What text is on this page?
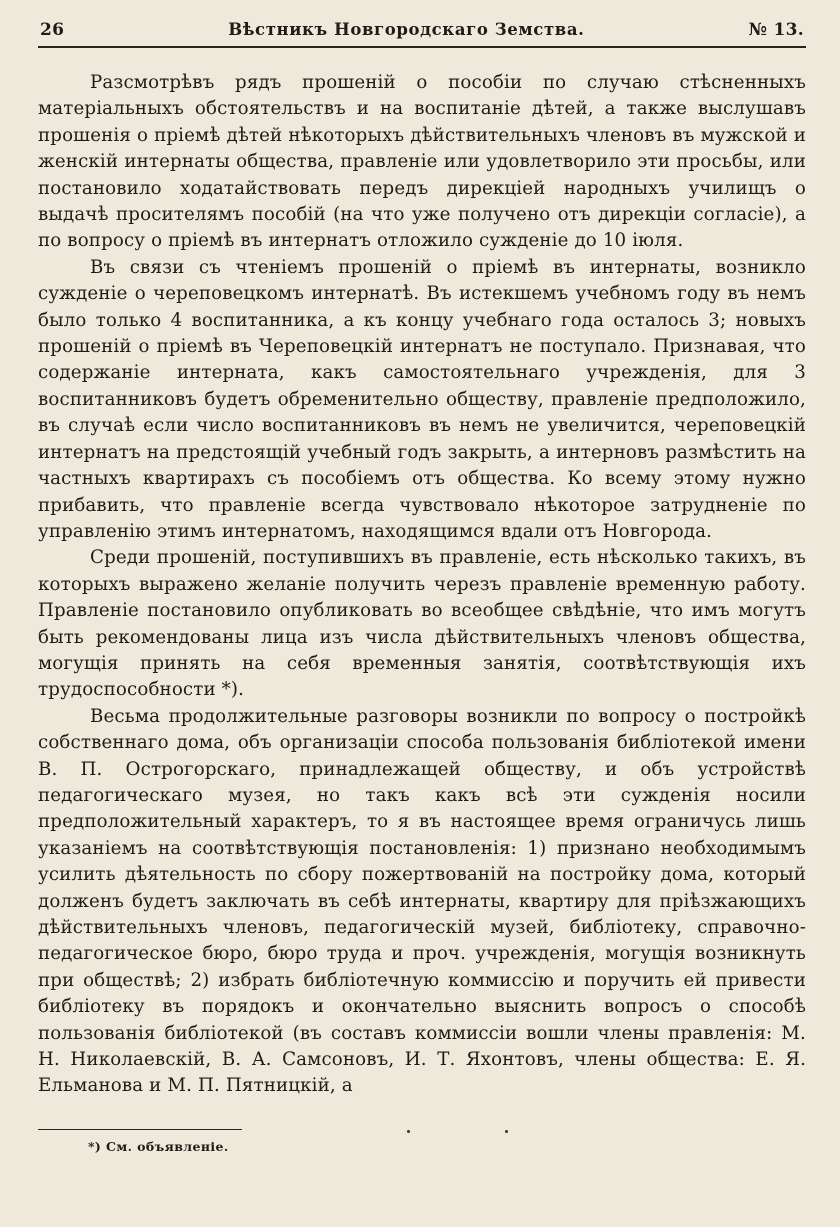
26	Вѣстникъ Новгородскаго Земства.	№ 13.

Разсмотрѣвъ рядъ прошеній о пособіи по случаю стѣсненныхъ матеріальныхъ обстоятельствъ и на воспитаніе дѣтей, а также выслушавъ прошенія о пріемѣ дѣтей нѣкоторыхъ дѣйствительныхъ членовъ въ мужской и женскій интернаты общества, правленіе или удовлетворило эти просьбы, или постановило ходатайствовать передъ дирекціей народныхъ училищъ о выдачѣ просителямъ пособій (на что уже получено отъ дирекціи согласіе), а по вопросу о пріемѣ въ интернатъ отложило сужденіе до 10 іюля.

Въ связи съ чтеніемъ прошеній о пріемѣ въ интернаты, возникло сужденіе о череповецкомъ интернатѣ. Въ истекшемъ учебномъ году въ немъ было только 4 воспитанника, а къ концу учебнаго года осталось 3; новыхъ прошеній о пріемѣ въ Череповецкій интернатъ не поступало. Признавая, что содержаніе интерната, какъ самостоятельнаго учрежденія, для 3 воспитанниковъ будетъ обременительно обществу, правленіе предположило, въ случаѣ если число воспитанниковъ въ немъ не увеличится, череповецкій интернатъ на предстоящій учебный годъ закрыть, а интерновъ размѣстить на частныхъ квартирахъ съ пособіемъ отъ общества. Ко всему этому нужно прибавить, что правленіе всегда чувствовало нѣкоторое затрудненіе по управленію этимъ интернатомъ, находящимся вдали отъ Новгорода.

Среди прошеній, поступившихъ въ правленіе, есть нѣсколько такихъ, въ которыхъ выражено желаніе получить черезъ правленіе временную работу. Правленіе постановило опубликовать во всеобщее свѣдѣніе, что имъ могутъ быть рекомендованы лица изъ числа дѣйствительныхъ членовъ общества, могущія принять на себя временныя занятія, соотвѣтствующія ихъ трудоспособности *).

Весьма продолжительные разговоры возникли по вопросу о постройкѣ собственнаго дома, объ организаціи способа пользованія библіотекой имени В. П. Острогорскаго, принадлежащей обществу, и объ устройствѣ педагогическаго музея, но такъ какъ всѣ эти сужденія носили предположительный характеръ, то я въ настоящее время ограничусь лишь указаніемъ на соотвѣтствующія постановленія: 1) признано необходимымъ усилить дѣятельность по сбору пожертвованій на постройку дома, который долженъ будетъ заключать въ себѣ интернаты, квартиру для пріѣзжающихъ дѣйствительныхъ членовъ, педагогическій музей, библіотеку, справочно-педагогическое бюро, бюро труда и проч. учрежденія, могущія возникнуть при обществѣ; 2) избрать библіотечную коммиссію и поручить ей привести библіотеку въ порядокъ и окончательно выяснить вопросъ о способѣ пользованія библіотекой (въ составъ коммиссіи вошли члены правленія: М. Н. Николаевскій, В. А. Самсоновъ, И. Т. Яхонтовъ, члены общества: Е. Я. Ельманова и М. П. Пятницкій, а

*) См. объявленіе.
